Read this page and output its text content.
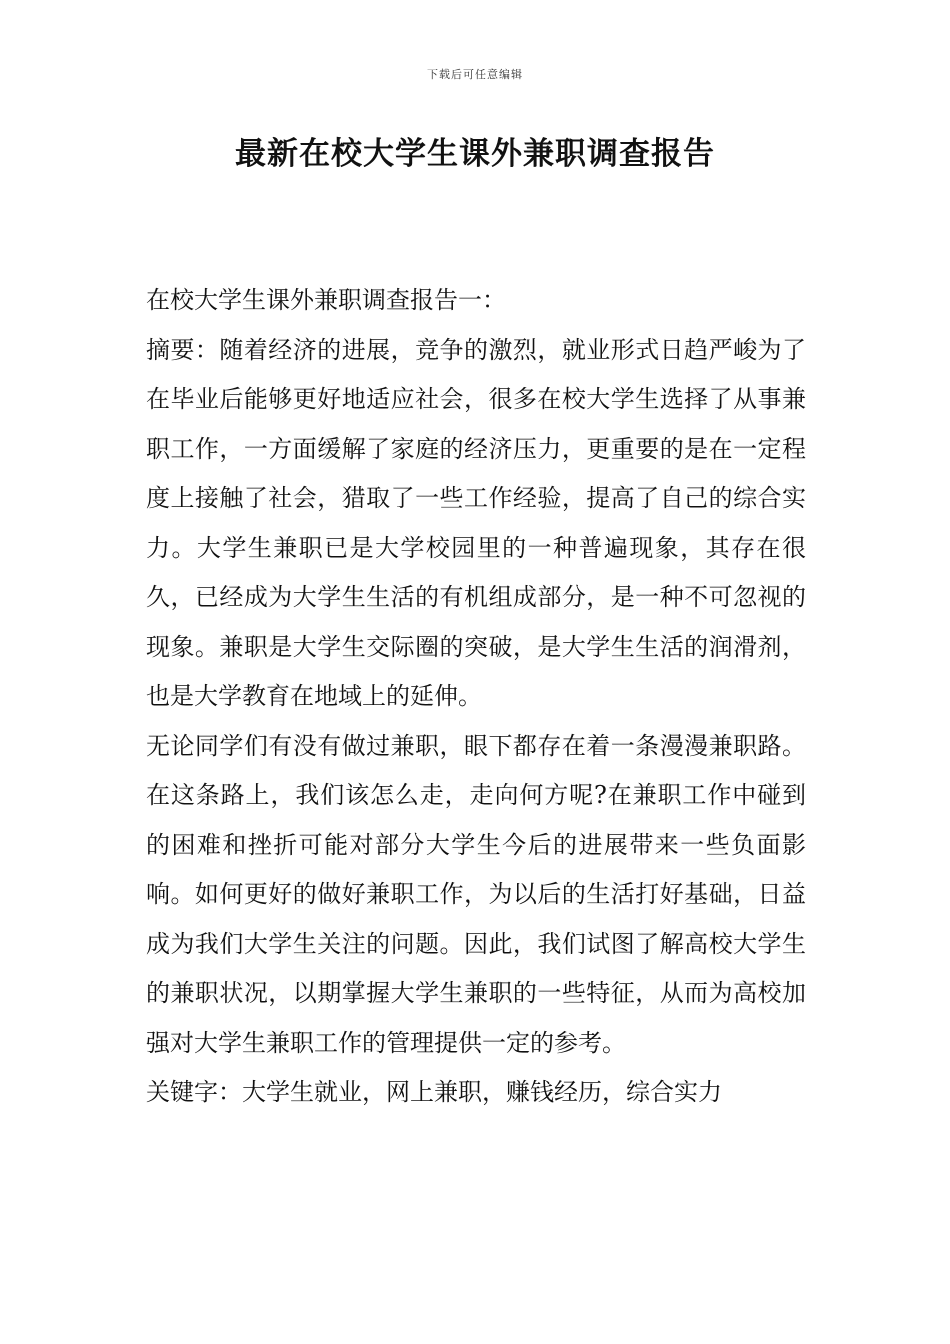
下载后可任意编辑
最新在校大学生课外兼职调查报告

在校大学生课外兼职调查报告一：

摘要：随着经济的进展，竞争的激烈，就业形式日趋严峻为了在毕业后能够更好地适应社会，很多在校大学生选择了从事兼职工作，一方面缓解了家庭的经济压力，更重要的是在一定程度上接触了社会，猎取了一些工作经验，提高了自己的综合实力。大学生兼职已是大学校园里的一种普遍现象，其存在很久，已经成为大学生生活的有机组成部分，是一种不可忽视的现象。兼职是大学生交际圈的突破，是大学生生活的润滑剂，也是大学教育在地域上的延伸。

无论同学们有没有做过兼职，眼下都存在着一条漫漫兼职路。在这条路上，我们该怎么走，走向何方呢?在兼职工作中碰到的困难和挫折可能对部分大学生今后的进展带来一些负面影响。如何更好的做好兼职工作，为以后的生活打好基础，日益成为我们大学生关注的问题。因此，我们试图了解高校大学生的兼职状况，以期掌握大学生兼职的一些特征，从而为高校加强对大学生兼职工作的管理提供一定的参考。

关键字：大学生就业，网上兼职，赚钱经历，综合实力
